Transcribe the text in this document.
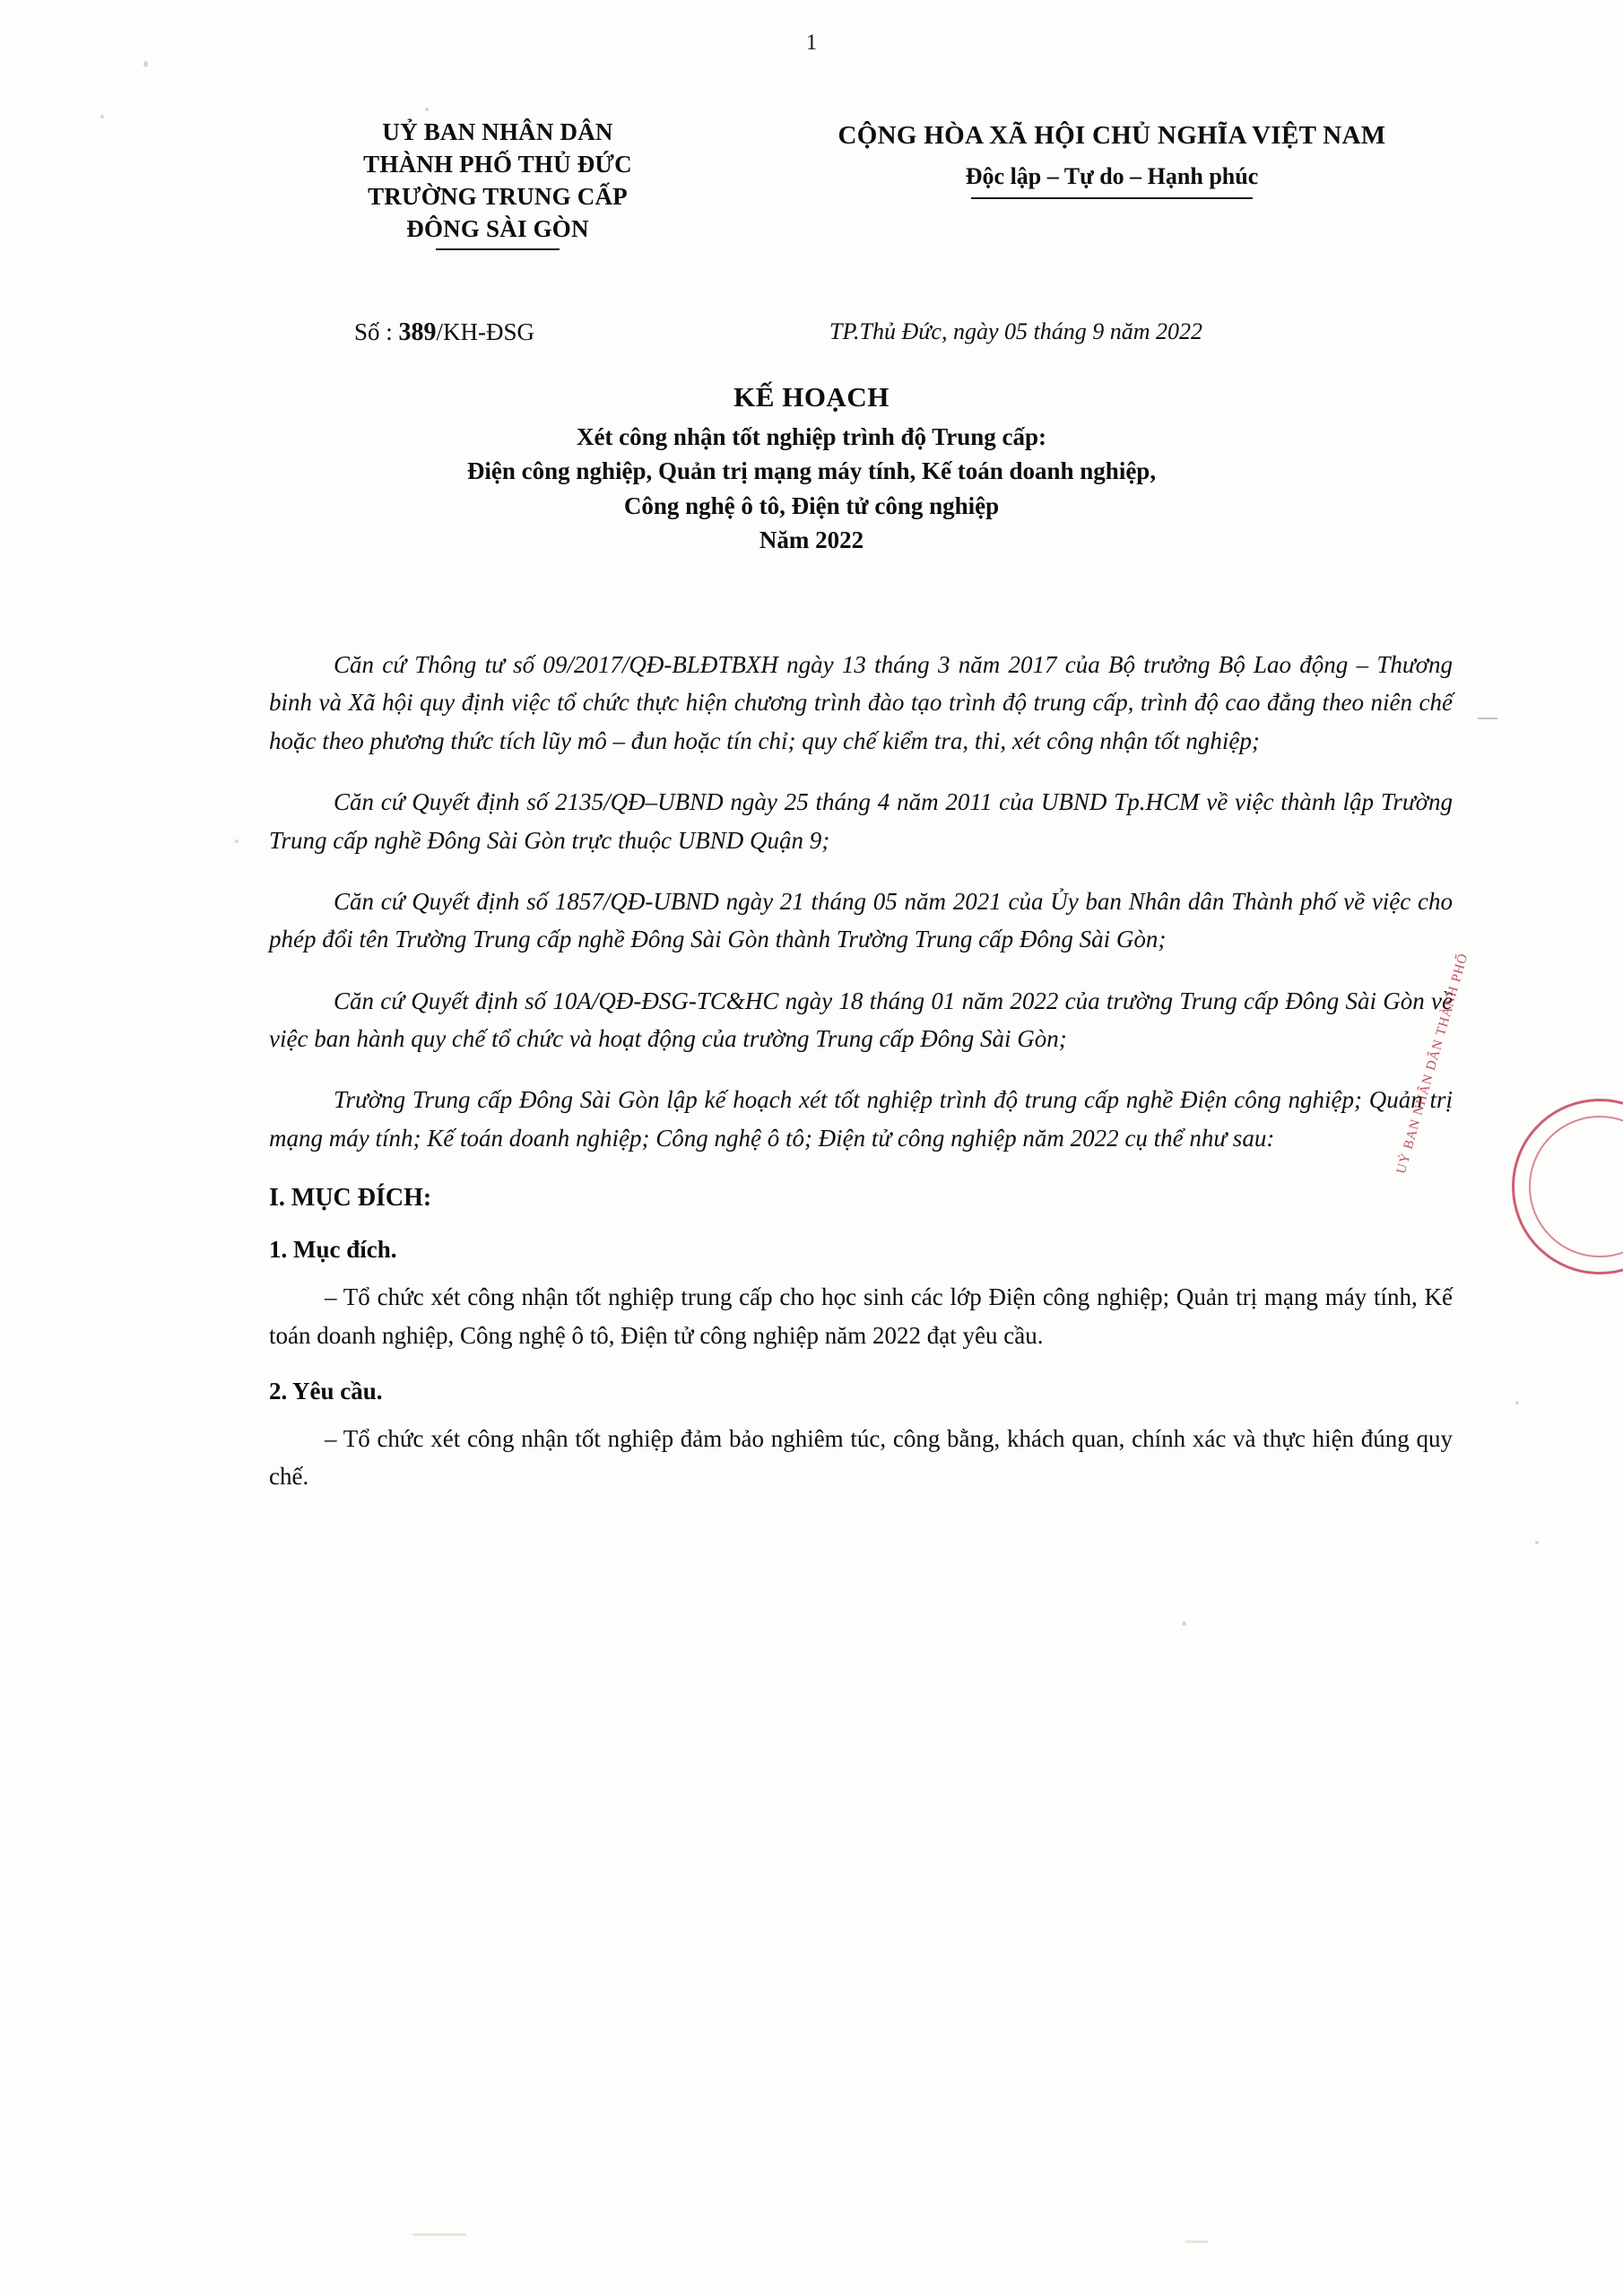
1
UỶ BAN NHÂN DÂN
THÀNH PHỐ THỦ ĐỨC
TRƯỜNG TRUNG CẤP
ĐÔNG SÀI GÒN
CỘNG HÒA XÃ HỘI CHỦ NGHĨA VIỆT NAM
Độc lập – Tự do – Hạnh phúc
Số : 389/KH-ĐSG	TP.Thủ Đức, ngày 05 tháng 9 năm 2022
KẾ HOẠCH
Xét công nhận tốt nghiệp trình độ Trung cấp:
Điện công nghiệp, Quản trị mạng máy tính, Kế toán doanh nghiệp,
Công nghệ ô tô, Điện tử công nghiệp
Năm 2022

Căn cứ Thông tư số 09/2017/QĐ-BLĐTBXH ngày 13 tháng 3 năm 2017 của Bộ trưởng Bộ Lao động – Thương binh và Xã hội quy định việc tổ chức thực hiện chương trình đào tạo trình độ trung cấp, trình độ cao đẳng theo niên chế hoặc theo phương thức tích lũy mô – đun hoặc tín chỉ; quy chế kiểm tra, thi, xét công nhận tốt nghiệp;

Căn cứ Quyết định số 2135/QĐ–UBND ngày 25 tháng 4 năm 2011 của UBND Tp.HCM về việc thành lập Trường Trung cấp nghề Đông Sài Gòn trực thuộc UBND Quận 9;

Căn cứ Quyết định số 1857/QĐ-UBND ngày 21 tháng 05 năm 2021 của Ủy ban Nhân dân Thành phố về việc cho phép đổi tên Trường Trung cấp nghề Đông Sài Gòn thành Trường Trung cấp Đông Sài Gòn;

Căn cứ Quyết định số 10A/QĐ-ĐSG-TC&HC ngày 18 tháng 01 năm 2022 của trường Trung cấp Đông Sài Gòn về việc ban hành quy chế tổ chức và hoạt động của trường Trung cấp Đông Sài Gòn;

Trường Trung cấp Đông Sài Gòn lập kế hoạch xét tốt nghiệp trình độ trung cấp nghề Điện công nghiệp; Quản trị mạng máy tính; Kế toán doanh nghiệp; Công nghệ ô tô; Điện tử công nghiệp năm 2022 cụ thể như sau:

I. MỤC ĐÍCH:
1. Mục đích.

– Tổ chức xét công nhận tốt nghiệp trung cấp cho học sinh các lớp Điện công nghiệp; Quản trị mạng máy tính, Kế toán doanh nghiệp, Công nghệ ô tô, Điện tử công nghiệp năm 2022 đạt yêu cầu.

2. Yêu cầu.

– Tổ chức xét công nhận tốt nghiệp đảm bảo nghiêm túc, công bằng, khách quan, chính xác và thực hiện đúng quy chế.

UỶ BAN NHÂN DÂN THÀNH PHỐ
